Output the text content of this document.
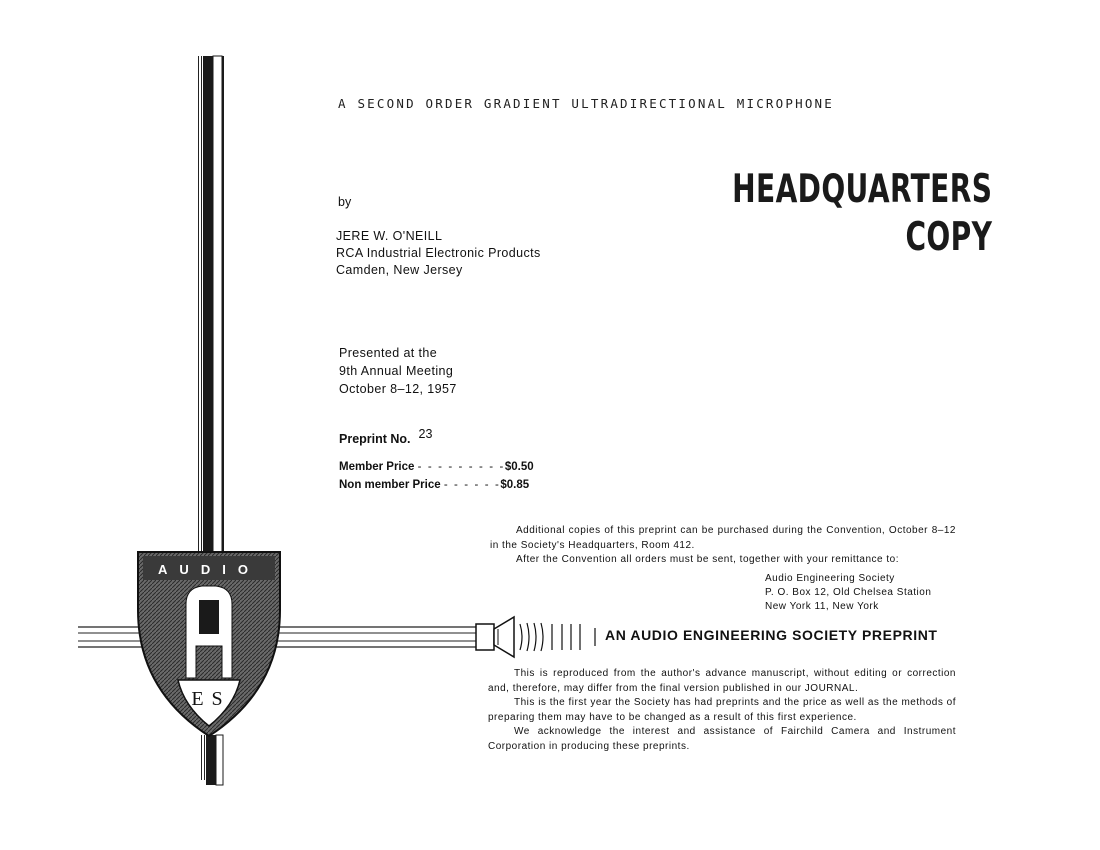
AUDIO
ES
A SECOND ORDER GRADIENT ULTRADIRECTIONAL MICROPHONE
by
JERE W. O'NEILL
RCA Industrial Electronic Products
Camden, New Jersey
HEADQUARTERS
COPY
Presented at the
9th Annual Meeting
October 8–12, 1957
Preprint No. 23
Member Price - - - - - - - - -$0.50
Non member Price - - - - - -$0.85
Additional copies of this preprint can be purchased during the Convention, October 8–12 in the Society's Headquarters, Room 412.
After the Convention all orders must be sent, together with your remittance to:
Audio Engineering Society
P. O. Box 12, Old Chelsea Station
New York 11, New York
AN AUDIO ENGINEERING SOCIETY PREPRINT

This is reproduced from the author's advance manuscript, without editing or correction and, therefore, may differ from the final version published in our JOURNAL.

This is the first year the Society has had preprints and the price as well as the methods of preparing them may have to be changed as a result of this first experience.

We acknowledge the interest and assistance of Fairchild Camera and Instrument Corporation in producing these preprints.
